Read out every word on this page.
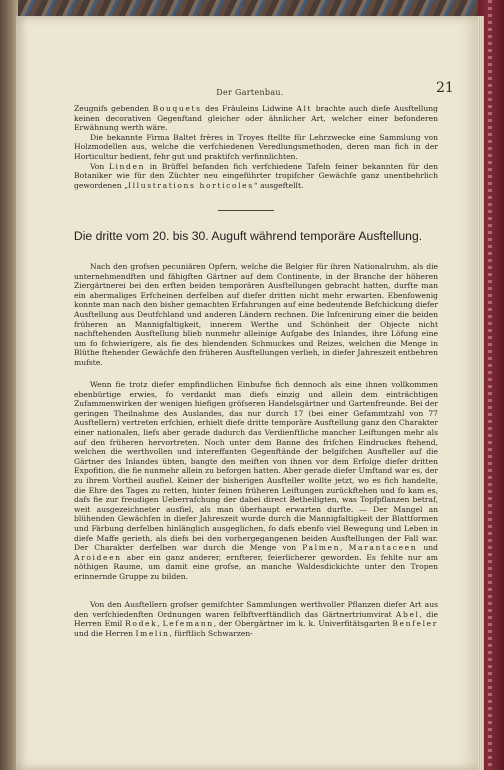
Der Gartenbau.	21

Zeugnifs gebenden Bouquets des Fräuleins Lidwine Alt brachte auch diefe Ausftellung keinen decorativen Gegenftand gleicher oder ähnlicher Art, welcher einer befonderen Erwähnung werth wäre.

Die bekannte Firma Baltet frères in Troyes ftellte für Lehrzwecke eine Sammlung von Holzmodellen aus, welche die verfchiedenen Veredlungsmethoden, deren man fich in der Horticultur bedient, fehr gut und praktifch verfinnlichten.

Von Linden in Brüffel befanden fich verfchiedene Tafeln feiner bekannten für den Botaniker wie für den Züchter neu eingeführter tropifcher Gewächfe ganz unentbehrlich gewordenen „Illustrations horticoles“ ausgeftellt.

Die dritte vom 20. bis 30. Auguft während temporäre Ausftellung.

Nach den grofsen pecuniären Opfern, welche die Belgier für ihren Nationalruhm, als die unternehmendften und fähigften Gärtner auf dem Continente, in der Branche der höheren Ziergärtnerei bei den erften beiden temporären Ausftellungen gebracht hatten, durfte man ein abermaliges Erfcheinen derfelben auf diefer dritten nicht mehr erwarten. Ebenfowenig konnte man nach den bisher gemachten Erfahrungen auf eine bedeutende Befchickung diefer Ausftellung aus Deutfchland und anderen Ländern rechnen. Die Infcenirung einer die beiden früheren an Mannigfaltigkeit, innerem Werthe und Schönheit der Objecte nicht nachftehenden Ausftellung blieb nunmehr alleinige Aufgabe des Inlandes, ihre Löfung eine um fo fchwierigere, als fie des blendenden Schmuckes und Reizes, welchen die Menge in Blüthe ftehender Gewächfe den früheren Ausftellungen verlieh, in diefer Jahreszeit entbehren mufste.

Wenn fie trotz diefer empfindlichen Einbufse fich dennoch als eine ihnen vollkommen ebenbürtige erwies, fo verdankt man diefs einzig und allein dem einträchtigen Zufammenwirken der wenigen hiefigen gröfseren Handelsgärtner und Gartenfreunde. Bei der geringen Theilnahme des Auslandes, das nur durch 17 (bei einer Gefammtzahl von 77 Ausftellern) vertreten erfchien, erhielt diefe dritte temporäre Ausftellung ganz den Charakter einer nationalen, liefs aber gerade dadurch das Verdienftliche mancher Leiftungen mehr als auf den früheren hervortreten. Noch unter dem Banne des frifchen Eindruckes ftehend, welchen die werthvollen und intereffanten Gegenftände der belgifchen Ausfteller auf die Gärtner des Inlandes übten, bangte den meiften von ihnen vor dem Erfolge diefer dritten Expofition, die fie nunmehr allein zu beforgen hatten. Aber gerade diefer Umftand war es, der zu ihrem Vortheil ausfiel. Keiner der bisherigen Ausfteller wollte jetzt, wo es fich handelte, die Ehre des Tages zu retten, hinter feinen früheren Leiftungen zurückftehen und fo kam es, dafs fie zur freudigen Ueberrafchung der dabei direct Betheiligten, was Topfpflanzen betraf, weit ausgezeichneter ausfiel, als man überhaupt erwarten durfte. — Der Mangel an blühenden Gewächfen in diefer Jahreszeit wurde durch die Mannigfaltigkeit der Blattformen und Färbung derfelben hinlänglich ausgeglichen, fo dafs ebenfo viel Bewegung und Leben in diefe Maffe gerieth, als diefs bei den vorhergegangenen beiden Ausftellungen der Fall war. Der Charakter derfelben war durch die Menge von Palmen, Marantaceen und Aroideen aber ein ganz anderer, ernfterer, feierlicherer geworden. Es fehlte nur am nöthigen Raume, um damit eine grofse, an manche Waldesdickichte unter den Tropen erinnernde Gruppe zu bilden.

Von den Ausftellern grofser gemifchter Sammlungen werthvoller Pflanzen diefer Art aus den verfchiedenften Ordnungen waren felbftverftändlich das Gärtnertriumvirat Abel, die Herren Emil Rodek, Lefemann, der Obergärtner im k. k. Univerfitätsgarten Benfeler und die Herren Imelin, fürftlich Schwarzen-
